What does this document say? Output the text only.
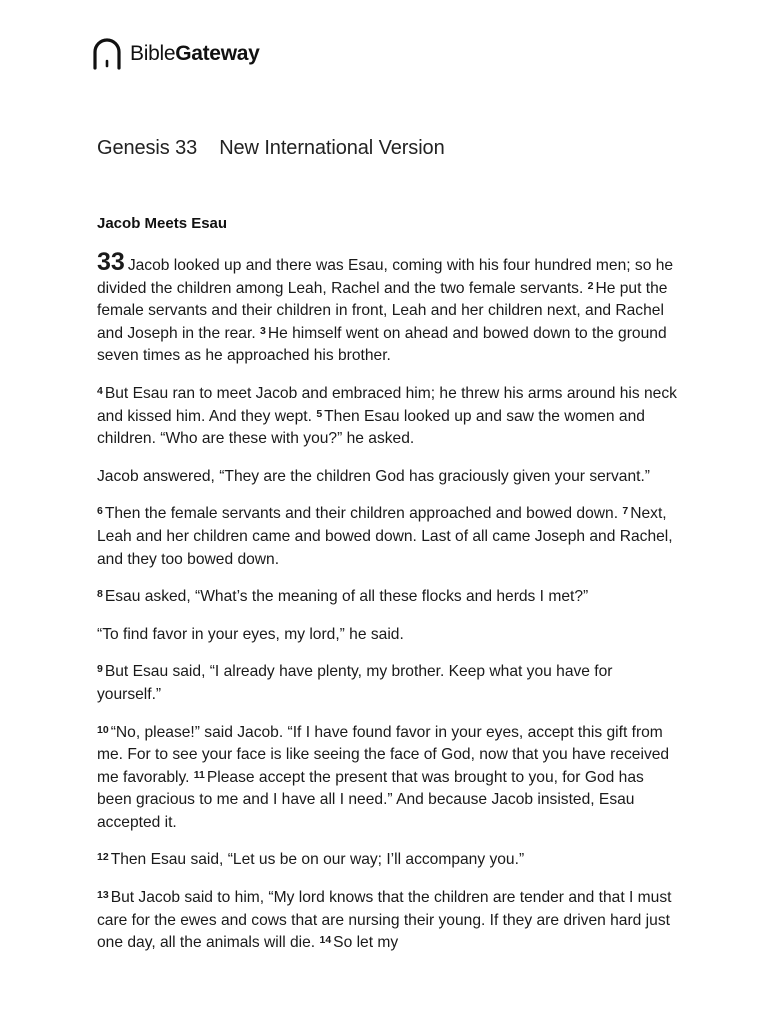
BibleGateway
Genesis 33 New International Version
Jacob Meets Esau

33 Jacob looked up and there was Esau, coming with his four hundred men; so he divided the children among Leah, Rachel and the two female servants. $^2$ He put the female servants and their children in front, Leah and her children next, and Rachel and Joseph in the rear. $^3$ He himself went on ahead and bowed down to the ground seven times as he approached his brother.

$^4$ But Esau ran to meet Jacob and embraced him; he threw his arms around his neck and kissed him. And they wept. $^5$ Then Esau looked up and saw the women and children. “Who are these with you?” he asked.

Jacob answered, “They are the children God has graciously given your servant.”

$^6$ Then the female servants and their children approached and bowed down. $^7$ Next, Leah and her children came and bowed down. Last of all came Joseph and Rachel, and they too bowed down.

$^8$ Esau asked, “What’s the meaning of all these flocks and herds I met?”

“To find favor in your eyes, my lord,” he said.

$^9$ But Esau said, “I already have plenty, my brother. Keep what you have for yourself.”

$^{10}$ “No, please!” said Jacob. “If I have found favor in your eyes, accept this gift from me. For to see your face is like seeing the face of God, now that you have received me favorably. $^{11}$ Please accept the present that was brought to you, for God has been gracious to me and I have all I need.” And because Jacob insisted, Esau accepted it.

$^{12}$ Then Esau said, “Let us be on our way; I’ll accompany you.”

$^{13}$ But Jacob said to him, “My lord knows that the children are tender and that I must care for the ewes and cows that are nursing their young. If they are driven hard just one day, all the animals will die. $^{14}$ So let my
